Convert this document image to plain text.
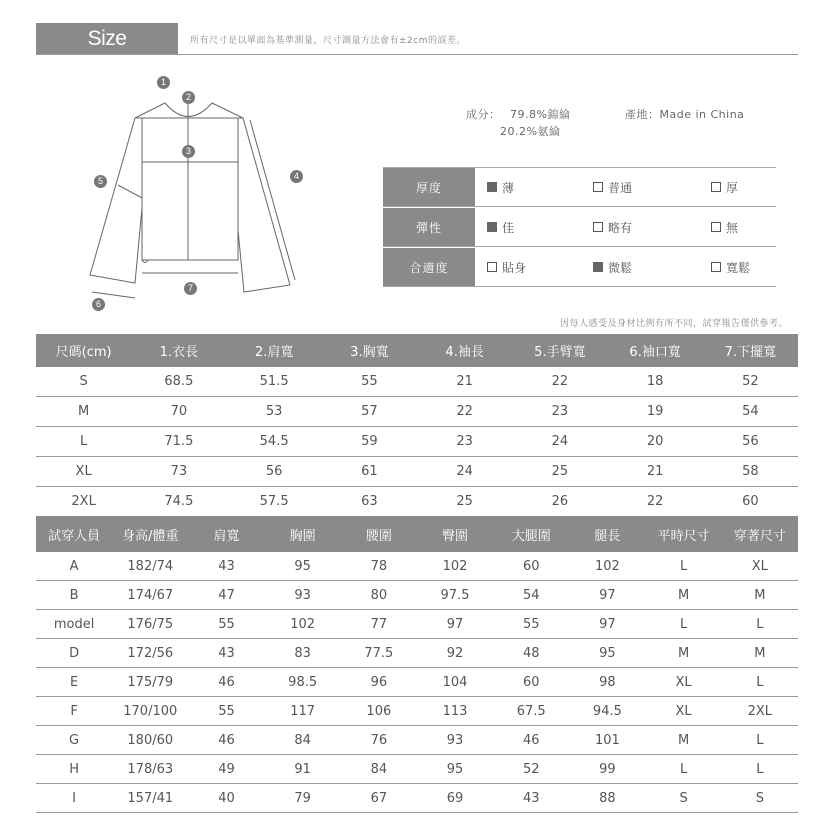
Size Information
所有尺寸是以單面為基準測量，尺寸測量方法會有±2cm的誤差。
1
2
3
4
5
6
7
成分： 79.8%錦綸
20.2%氨綸
產地：Made in China
厚度	薄	普通	厚
彈性	佳	略有	無
合適度	貼身	微鬆	寬鬆
因每人感受及身材比例有所不同，試穿報告僅供參考。
尺碼(cm)	1.衣長	2.肩寬	3.胸寬	4.袖長	5.手臂寬	6.袖口寬	7.下擺寬
S	68.5	51.5	55	21	22	18	52
M	70	53	57	22	23	19	54
L	71.5	54.5	59	23	24	20	56
XL	73	56	61	24	25	21	58
2XL	74.5	57.5	63	25	26	22	60
試穿人員	身高/體重	肩寬	胸圍	腰圍	臀圍	大腿圍	腿長	平時尺寸	穿著尺寸
A	182/74	43	95	78	102	60	102	L	XL
B	174/67	47	93	80	97.5	54	97	M	M
model	176/75	55	102	77	97	55	97	L	L
D	172/56	43	83	77.5	92	48	95	M	M
E	175/79	46	98.5	96	104	60	98	XL	L
F	170/100	55	117	106	113	67.5	94.5	XL	2XL
G	180/60	46	84	76	93	46	101	M	L
H	178/63	49	91	84	95	52	99	L	L
I	157/41	40	79	67	69	43	88	S	S
